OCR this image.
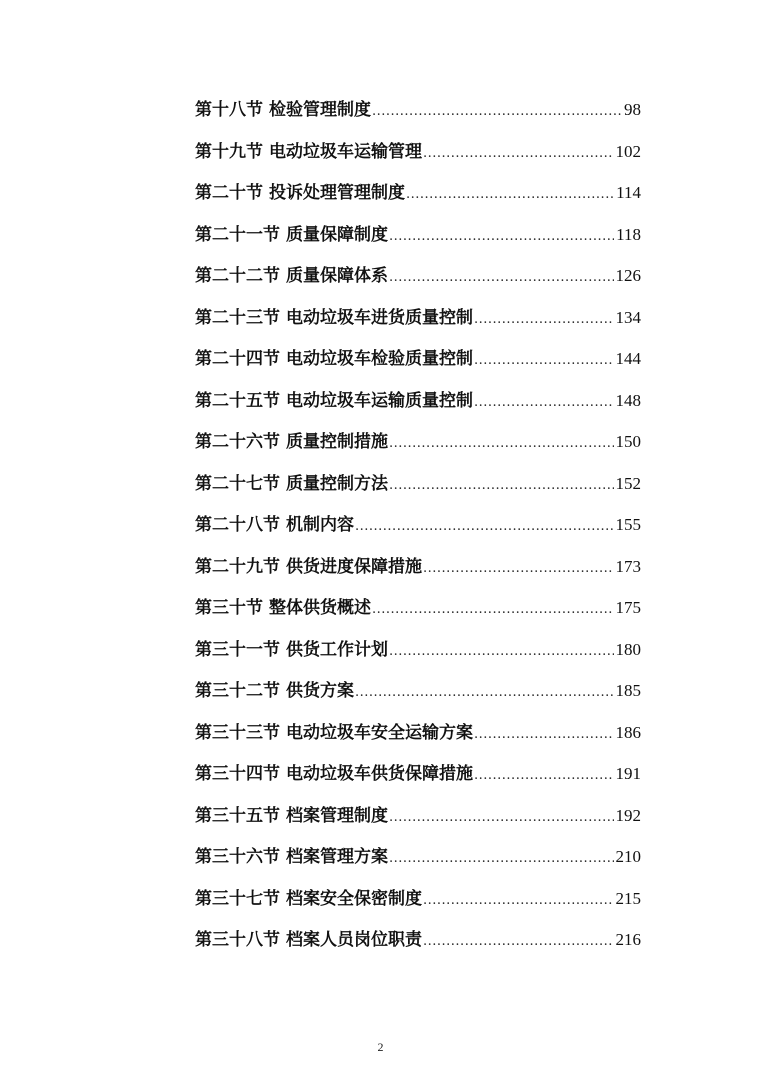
第十八节 检验管理制度 .....	98
第十九节 电动垃圾车运输管理 .....	102
第二十节 投诉处理管理制度 .....	114
第二十一节 质量保障制度 .....	118
第二十二节 质量保障体系 .....	126
第二十三节 电动垃圾车进货质量控制 .....	134
第二十四节 电动垃圾车检验质量控制 .....	144
第二十五节 电动垃圾车运输质量控制 .....	148
第二十六节 质量控制措施 .....	150
第二十七节 质量控制方法 .....	152
第二十八节 机制内容 .....	155
第二十九节 供货进度保障措施 .....	173
第三十节 整体供货概述 .....	175
第三十一节 供货工作计划 .....	180
第三十二节 供货方案 .....	185
第三十三节 电动垃圾车安全运输方案 .....	186
第三十四节 电动垃圾车供货保障措施 .....	191
第三十五节 档案管理制度 .....	192
第三十六节 档案管理方案 .....	210
第三十七节 档案安全保密制度 .....	215
第三十八节 档案人员岗位职责 .....	216
2
